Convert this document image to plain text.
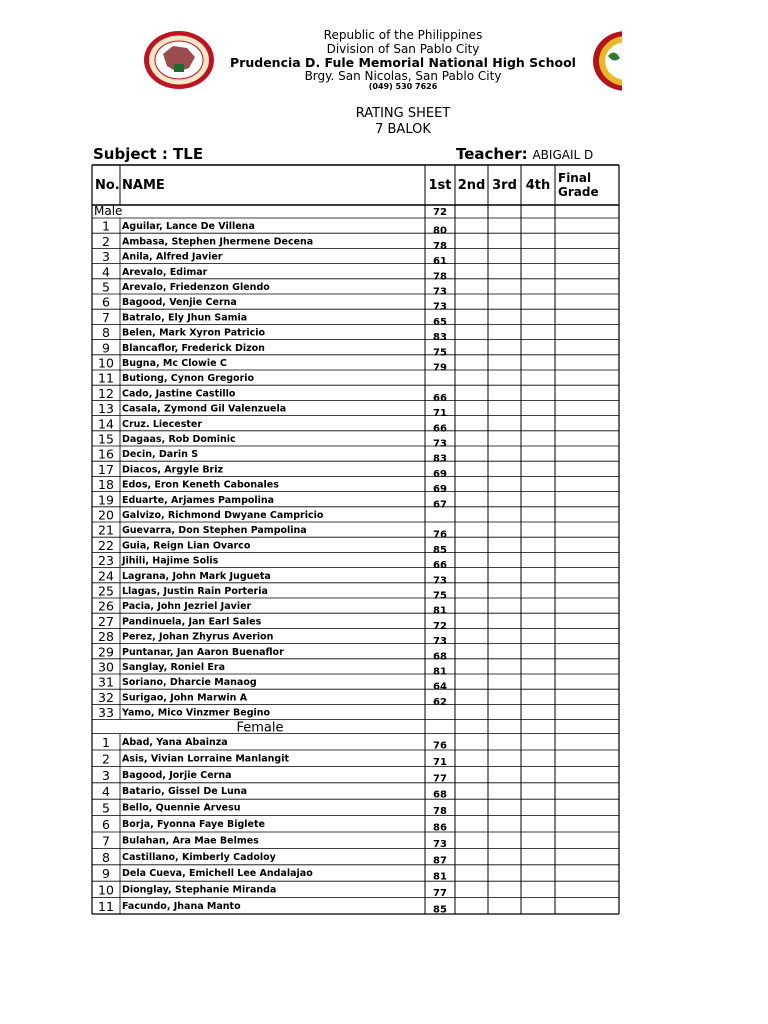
Republic of the Philippines
Division of San Pablo City
Prudencia D. Fule Memorial National High School
Brgy. San Nicolas, San Pablo City
(049) 530 7626
RATING SHEET
7 BALOK
Subject : TLE	Teacher: ABIGAIL D
No. NAME	1st 2nd 3rd 4th Final
Grade
Male	72
1 Aguilar, Lance De Villena	80
2 Ambasa, Stephen Jhermene Decena	78
3 Anila, Alfred Javier	61
4 Arevalo, Edimar	78
5 Arevalo, Friedenzon Glendo	73
6 Bagood, Venjie Cerna	73
7 Batralo, Ely Jhun Samia	65
8 Belen, Mark Xyron Patricio	83
9 Blancaflor, Frederick Dizon	75
10 Bugna, Mc Clowie C	79
11 Butiong, Cynon Gregorio
12 Cado, Jastine Castillo	66
13 Casala, Zymond Gil Valenzuela	71
14 Cruz. Liecester	66
15 Dagaas, Rob Dominic	73
16 Decin, Darin S	83
17 Diacos, Argyle Briz	69
18 Edos, Eron Keneth Cabonales	69
19 Eduarte, Arjames Pampolina	67
20 Galvizo, Richmond Dwyane Campricio
21 Guevarra, Don Stephen Pampolina	76
22 Guia, Reign Lian Ovarco	85
23 Jihili, Hajime Solis	66
24 Lagrana, John Mark Jugueta	73
25 Llagas, Justin Rain Porteria	75
26 Pacia, John Jezriel Javier	81
27 Pandinuela, Jan Earl Sales	72
28 Perez, Johan Zhyrus Averion	73
29 Puntanar, Jan Aaron Buenaflor	68
30 Sanglay, Roniel Era	81
31 Soriano, Dharcie Manaog	64
32 Surigao, John Marwin A	62
33 Yamo, Mico Vinzmer Begino
Female
1 Abad, Yana Abainza	76
2 Asis, Vivian Lorraine Manlangit	71
3 Bagood, Jorjie Cerna	77
4 Batario, Gissel De Luna	68
5 Bello, Quennie Arvesu	78
6 Borja, Fyonna Faye Biglete	86
7 Bulahan, Ara Mae Belmes	73
8 Castillano, Kimberly Cadoloy	87
9 Dela Cueva, Emichell Lee Andalajao	81
10 Dionglay, Stephanie Miranda	77
11 Facundo, Jhana Manto	85
